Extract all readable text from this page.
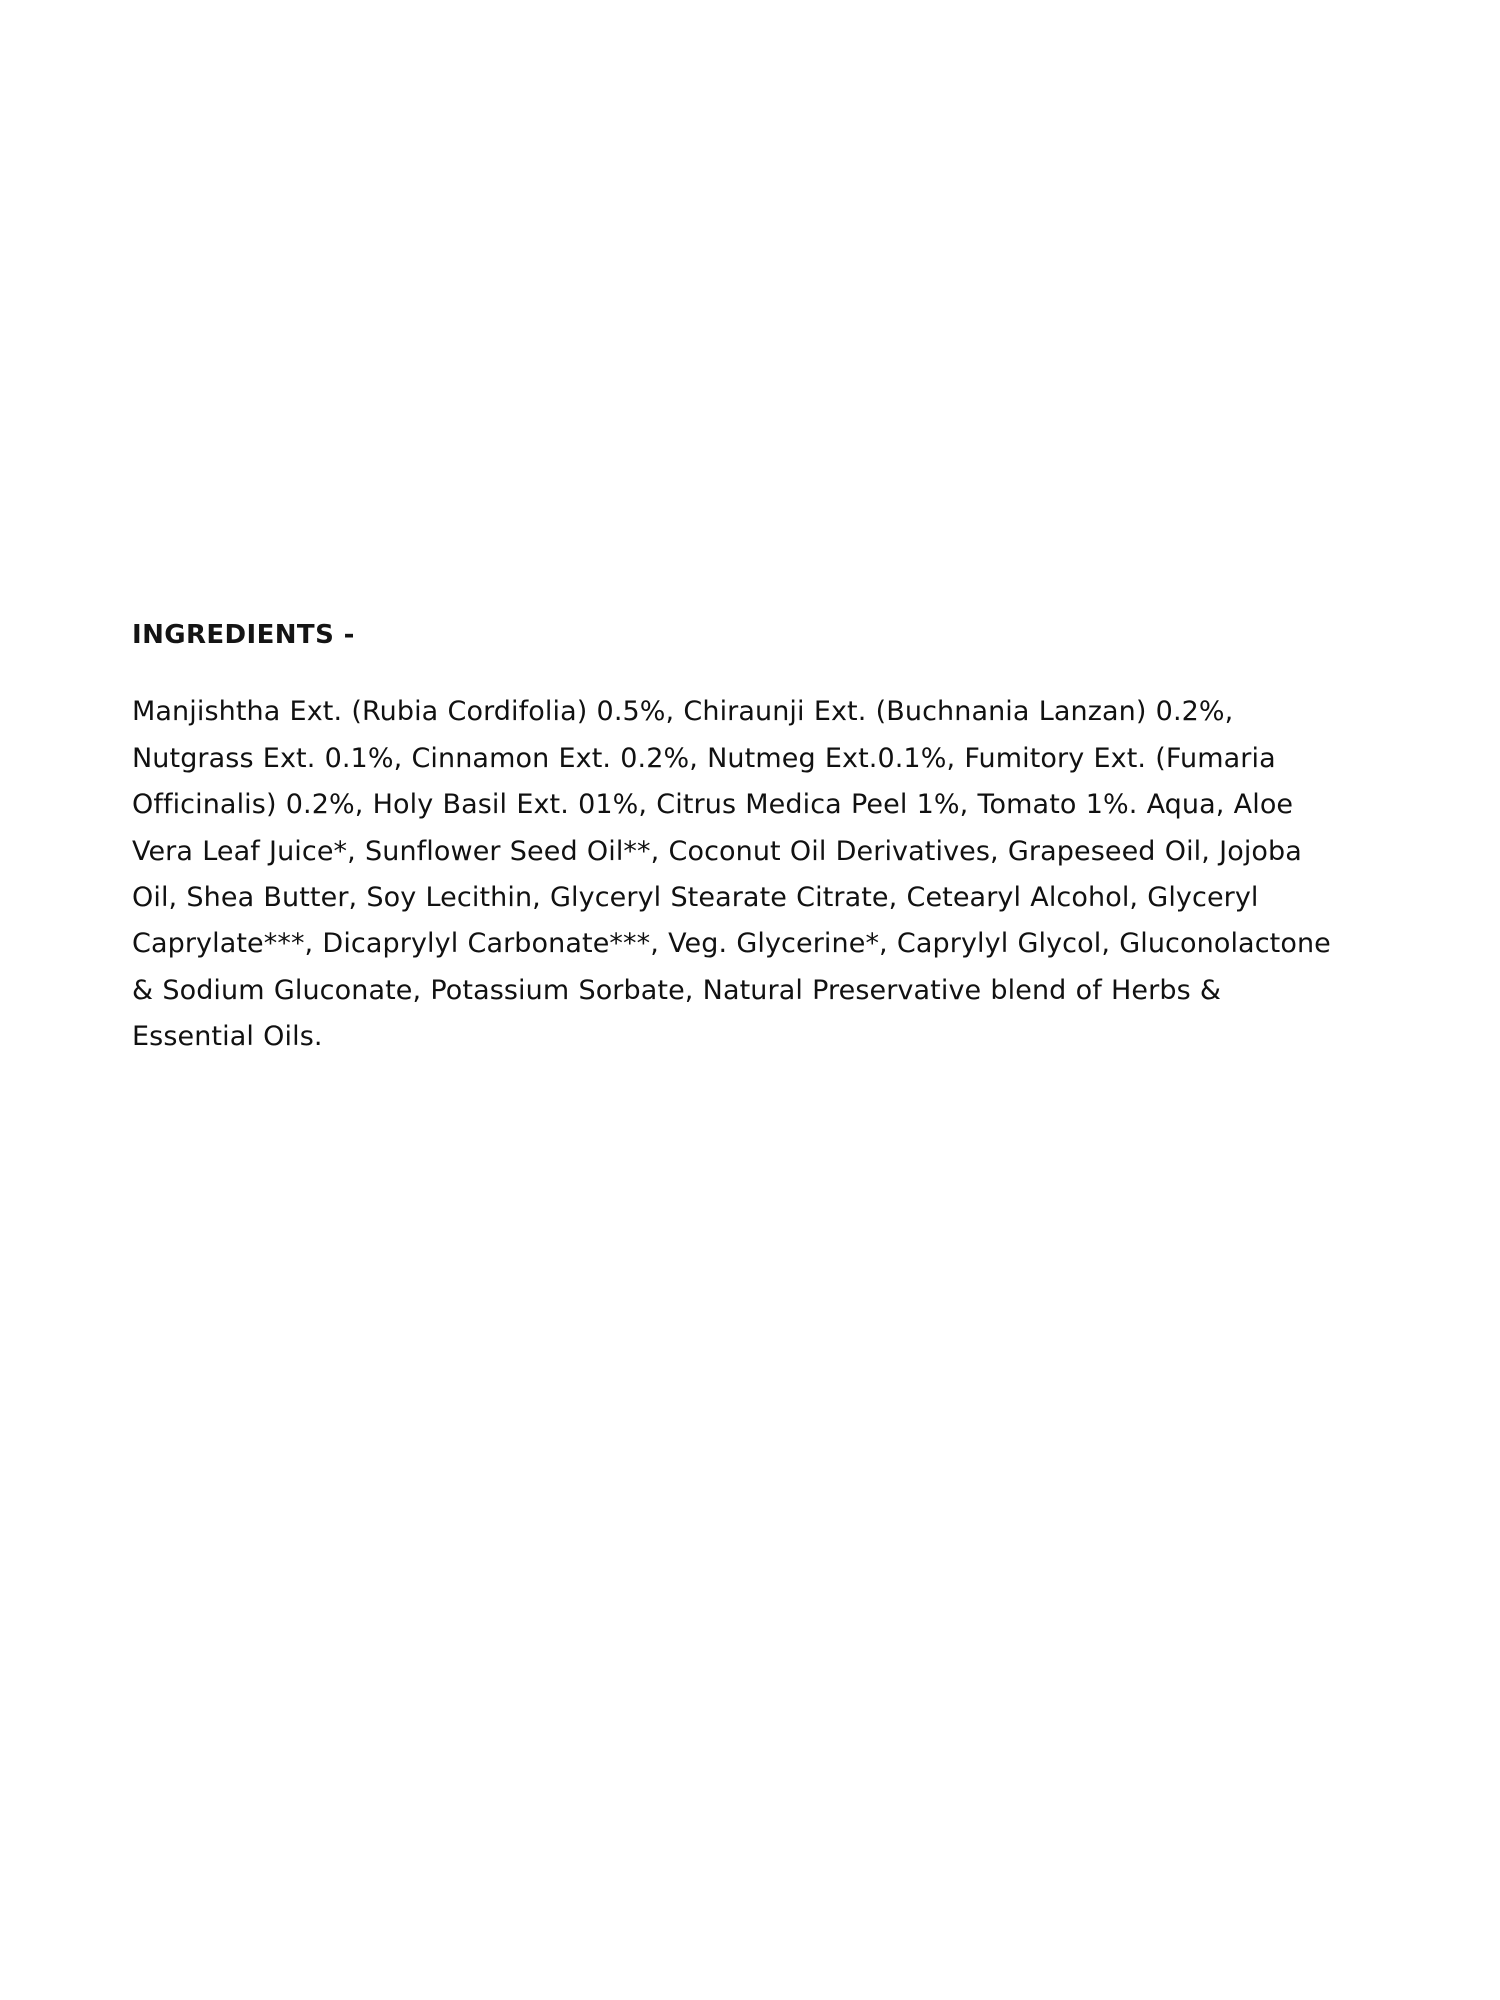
INGREDIENTS -

Manjishtha Ext. (Rubia Cordifolia) 0.5%, Chiraunji Ext. (Buchnania Lanzan) 0.2%, Nutgrass Ext. 0.1%, Cinnamon Ext. 0.2%, Nutmeg Ext.0.1%, Fumitory Ext. (Fumaria Officinalis) 0.2%, Holy Basil Ext. 01%, Citrus Medica Peel 1%, Tomato 1%. Aqua, Aloe Vera Leaf Juice*, Sunflower Seed Oil**, Coconut Oil Derivatives, Grapeseed Oil, Jojoba Oil, Shea Butter, Soy Lecithin, Glyceryl Stearate Citrate, Cetearyl Alcohol, Glyceryl Caprylate***, Dicaprylyl Carbonate***, Veg. Glycerine*, Caprylyl Glycol, Gluconolactone & Sodium Gluconate, Potassium Sorbate, Natural Preservative blend of Herbs & Essential Oils.
